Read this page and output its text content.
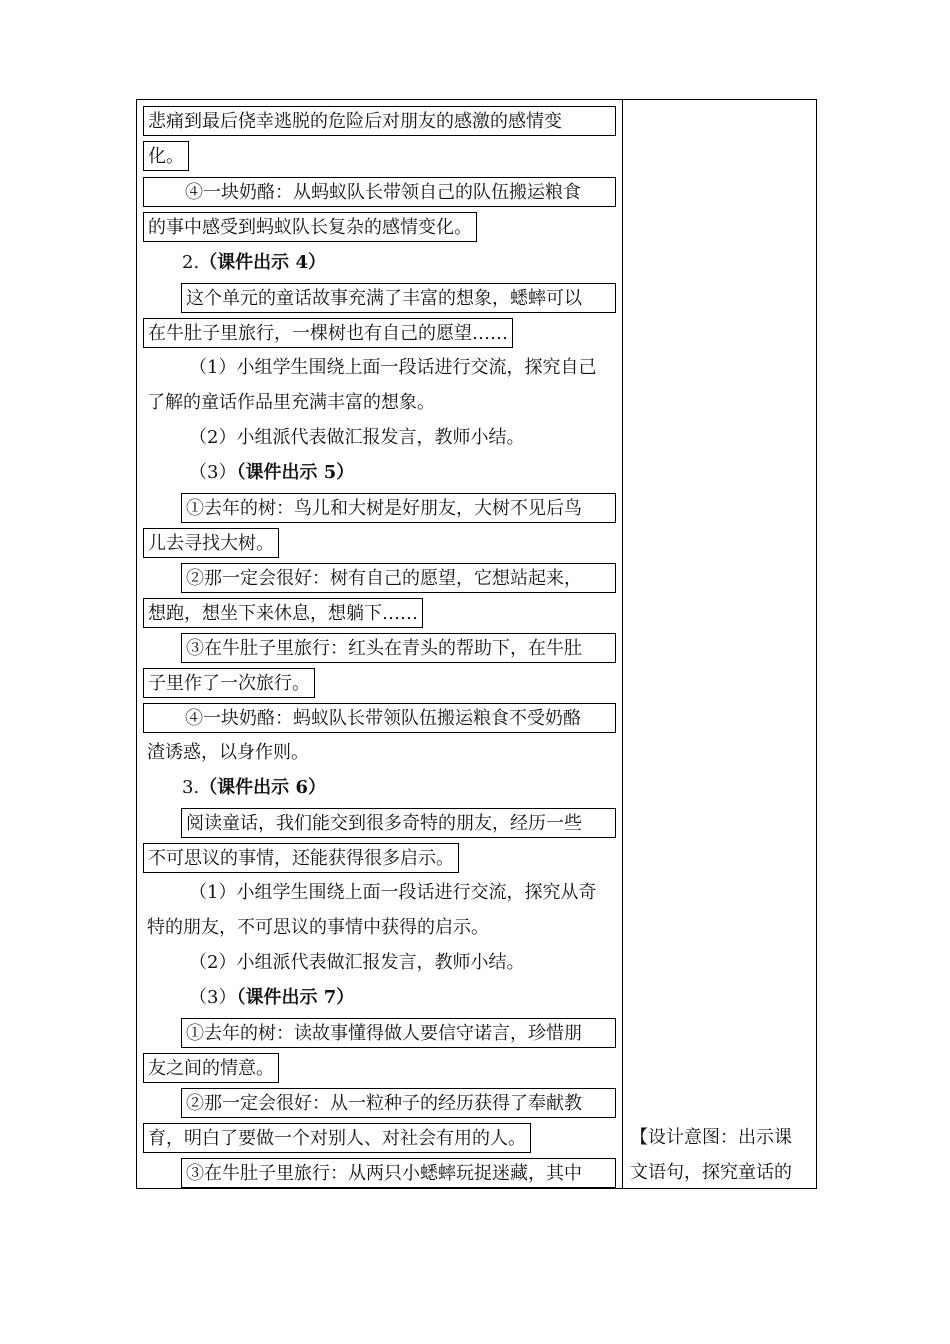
悲痛到最后侥幸逃脱的危险后对朋友的感激的感情变
化。
④一块奶酪：从蚂蚁队长带领自己的队伍搬运粮食
的事中感受到蚂蚁队长复杂的感情变化。
2.（课件出示 4）
这个单元的童话故事充满了丰富的想象，蟋蟀可以
在牛肚子里旅行，一棵树也有自己的愿望……
（1）小组学生围绕上面一段话进行交流，探究自己
了解的童话作品里充满丰富的想象。
（2）小组派代表做汇报发言，教师小结。
（3）（课件出示 5）
①去年的树：鸟儿和大树是好朋友，大树不见后鸟
儿去寻找大树。
②那一定会很好：树有自己的愿望，它想站起来，
想跑，想坐下来休息，想躺下……
③在牛肚子里旅行：红头在青头的帮助下，在牛肚
子里作了一次旅行。
④一块奶酪：蚂蚁队长带领队伍搬运粮食不受奶酪
渣诱惑，以身作则。
3.（课件出示 6）
阅读童话，我们能交到很多奇特的朋友，经历一些
不可思议的事情，还能获得很多启示。
（1）小组学生围绕上面一段话进行交流，探究从奇
特的朋友，不可思议的事情中获得的启示。
（2）小组派代表做汇报发言，教师小结。
（3）（课件出示 7）
①去年的树：读故事懂得做人要信守诺言，珍惜朋
友之间的情意。
②那一定会很好：从一粒种子的经历获得了奉献教
育，明白了要做一个对别人、对社会有用的人。
③在牛肚子里旅行：从两只小蟋蟀玩捉迷藏，其中
【设计意图：出示课
文语句，探究童话的
